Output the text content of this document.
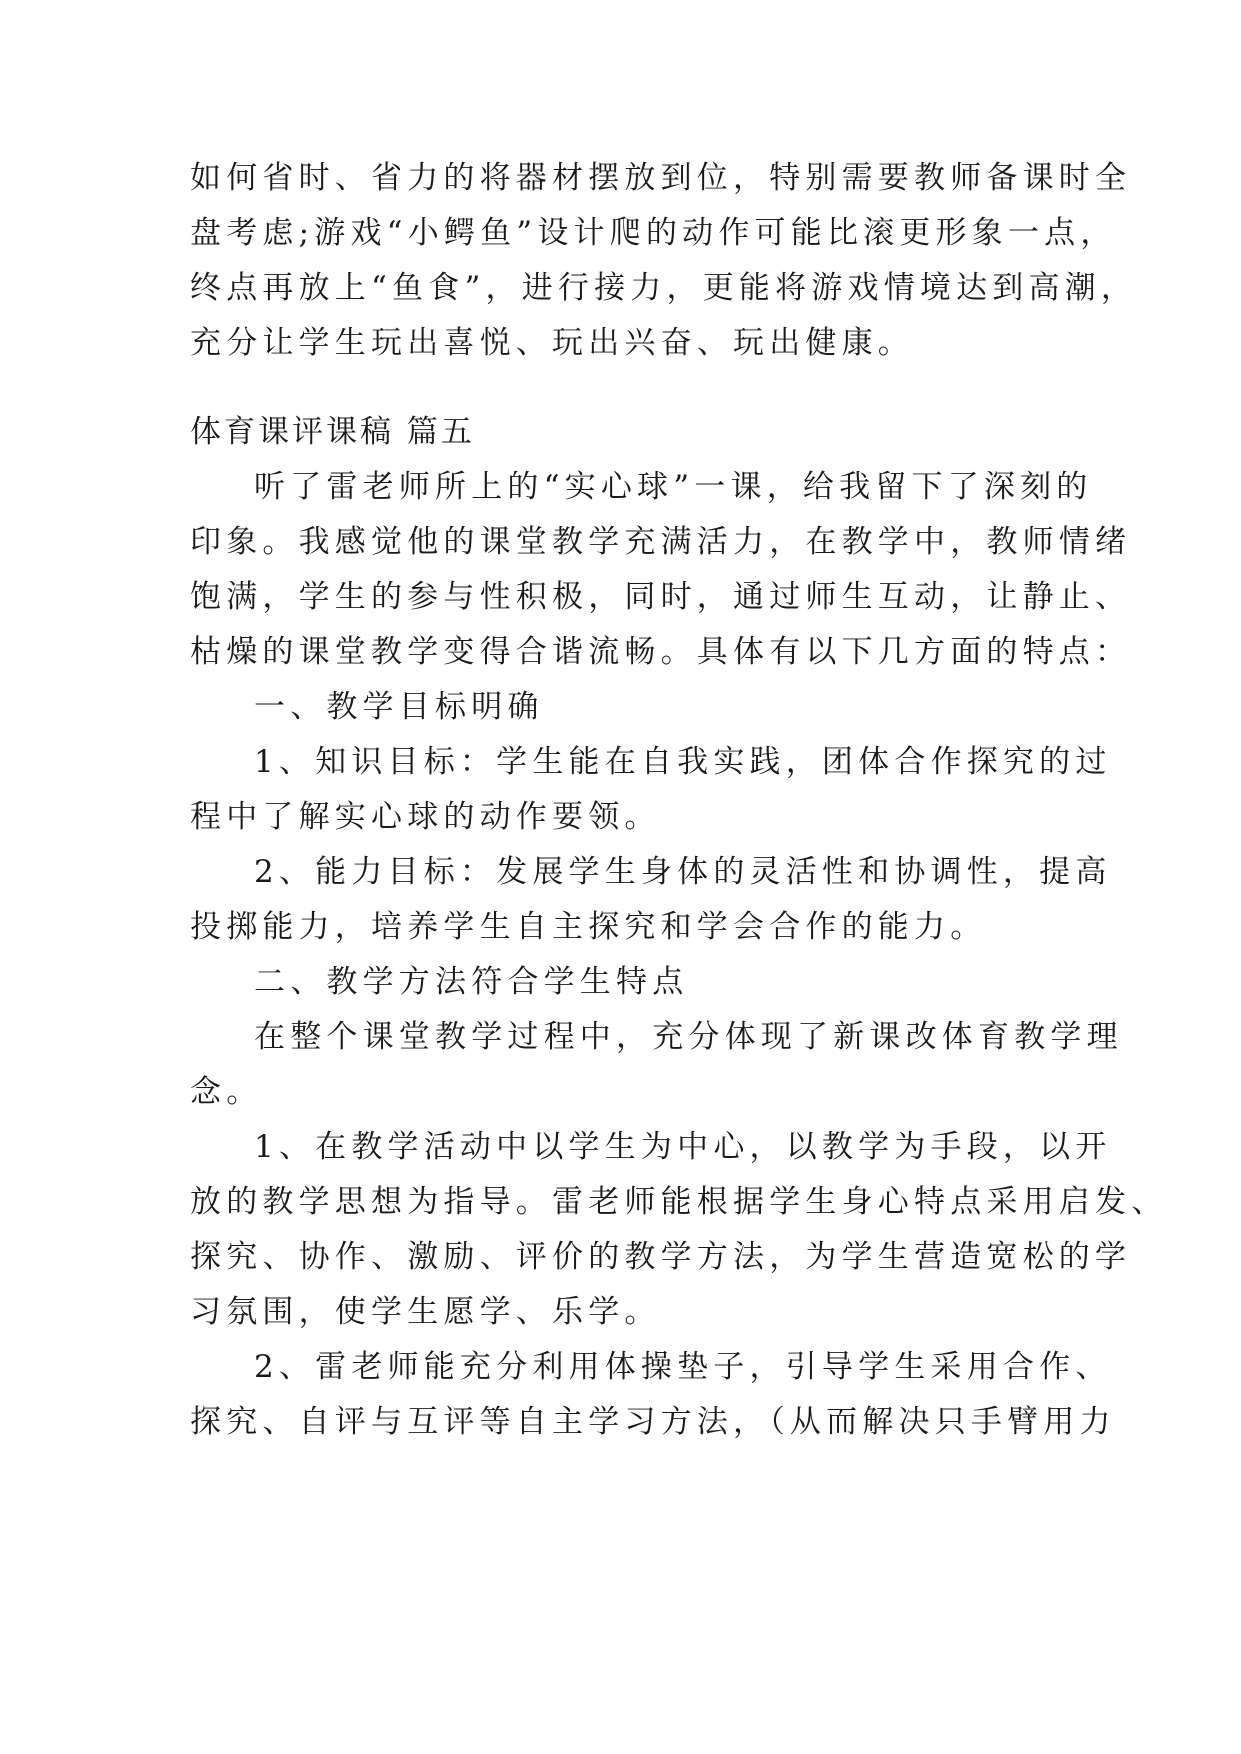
如何省时、省力的将器材摆放到位，特别需要教师备课时全
盘考虑;游戏“小鳄鱼”设计爬的动作可能比滚更形象一点，
终点再放上“鱼食”，进行接力，更能将游戏情境达到高潮，
充分让学生玩出喜悦、玩出兴奋、玩出健康。
体育课评课稿 篇五
听了雷老师所上的“实心球”一课，给我留下了深刻的
印象。我感觉他的课堂教学充满活力，在教学中，教师情绪
饱满，学生的参与性积极，同时，通过师生互动，让静止、
枯燥的课堂教学变得合谐流畅。具体有以下几方面的特点：
一、教学目标明确
1、知识目标：学生能在自我实践，团体合作探究的过
程中了解实心球的动作要领。
2、能力目标：发展学生身体的灵活性和协调性，提高
投掷能力，培养学生自主探究和学会合作的能力。
二、教学方法符合学生特点
在整个课堂教学过程中，充分体现了新课改体育教学理
念。
1、在教学活动中以学生为中心，以教学为手段，以开
放的教学思想为指导。雷老师能根据学生身心特点采用启发、
探究、协作、激励、评价的教学方法，为学生营造宽松的学
习氛围，使学生愿学、乐学。
2、雷老师能充分利用体操垫子，引导学生采用合作、
探究、自评与互评等自主学习方法，（从而解决只手臂用力
